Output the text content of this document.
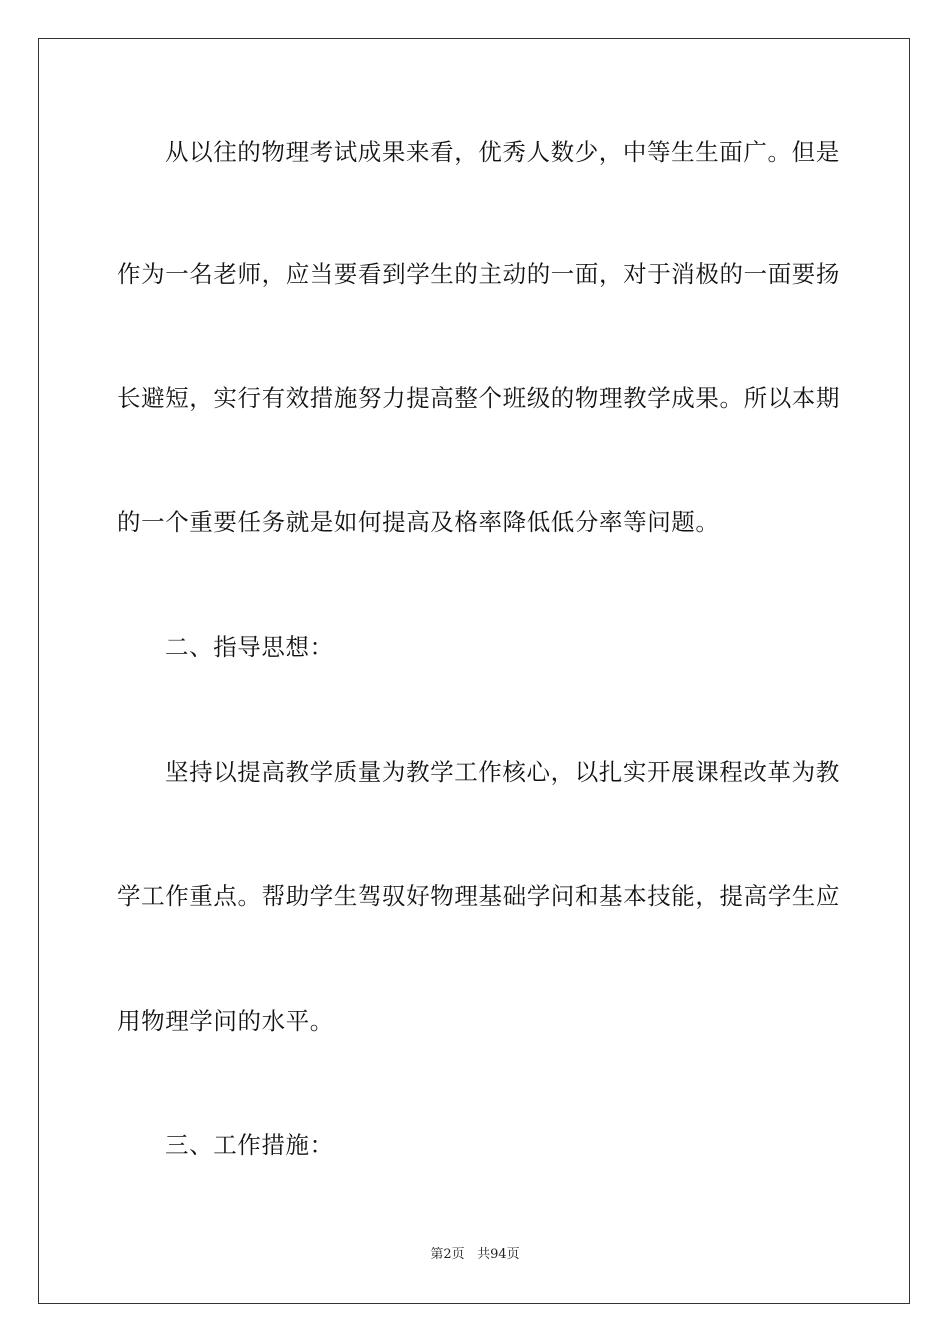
从以往的物理考试成果来看，优秀人数少，中等生生面广。但是
作为一名老师，应当要看到学生的主动的一面，对于消极的一面要扬
长避短，实行有效措施努力提高整个班级的物理教学成果。所以本期
的一个重要任务就是如何提高及格率降低低分率等问题。
二、指导思想：
坚持以提高教学质量为教学工作核心，以扎实开展课程改革为教
学工作重点。帮助学生驾驭好物理基础学问和基本技能，提高学生应
用物理学问的水平。
三、工作措施：
第2页 共94页
